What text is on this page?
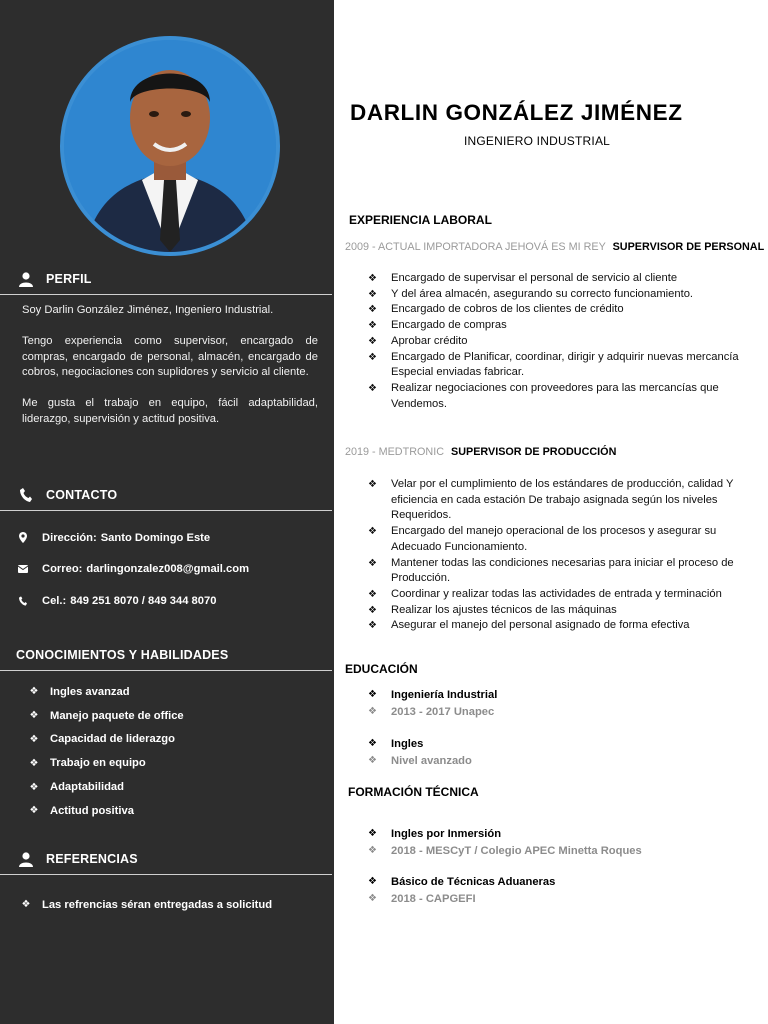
PERFIL

Soy Darlin González Jiménez, Ingeniero Industrial.

Tengo experiencia como supervisor, encargado de compras, encargado de personal, almacén, encargado de cobros, negociaciones con suplidores y servicio al cliente.

Me gusta el trabajo en equipo, fácil adaptabilidad, liderazgo, supervisión y actitud positiva.

CONTACTO
Dirección: Santo Domingo Este
Correo: darlingonzalez008@gmail.com
Cel.: 849 251 8070 / 849 344 8070
CONOCIMIENTOS Y HABILIDADES
❖ Ingles avanzad
❖ Manejo paquete de office
❖ Capacidad de liderazgo
❖ Trabajo en equipo
❖ Adaptabilidad
❖ Actitud positiva
REFERENCIAS
❖ Las refrencias séran entregadas a solicitud
DARLIN GONZÁLEZ JIMÉNEZ
INGENIERO INDUSTRIAL
EXPERIENCIA LABORAL
2009 - ACTUAL IMPORTADORA JEHOVÁ ES MI REY SUPERVISOR DE PERSONAL
❖	Encargado de supervisar el personal de servicio al cliente
❖	Y del área almacén, asegurando su correcto funcionamiento.
❖	Encargado de cobros de los clientes de crédito
❖	Encargado de compras
❖	Aprobar crédito
❖	Encargado de Planificar, coordinar, dirigir y adquirir nuevas mercancía Especial enviadas fabricar.
❖	Realizar negociaciones con proveedores para las mercancías que Vendemos.
2019 - MEDTRONIC SUPERVISOR DE PRODUCCIÓN
❖	Velar por el cumplimiento de los estándares de producción, calidad Y eficiencia en cada estación De trabajo asignada según los niveles Requeridos.
❖	Encargado del manejo operacional de los procesos y asegurar su Adecuado Funcionamiento.
❖	Mantener todas las condiciones necesarias para iniciar el proceso de Producción.
❖	Coordinar y realizar todas las actividades de entrada y terminación
❖	Realizar los ajustes técnicos de las máquinas
❖	Asegurar el manejo del personal asignado de forma efectiva
EDUCACIÓN
❖	Ingeniería Industrial
❖	2013 - 2017 Unapec
❖	Ingles
❖	Nivel avanzado
FORMACIÓN TÉCNICA
❖	Ingles por Inmersión
❖	2018 - MESCyT / Colegio APEC Minetta Roques
❖	Básico de Técnicas Aduaneras
❖	2018 - CAPGEFI
